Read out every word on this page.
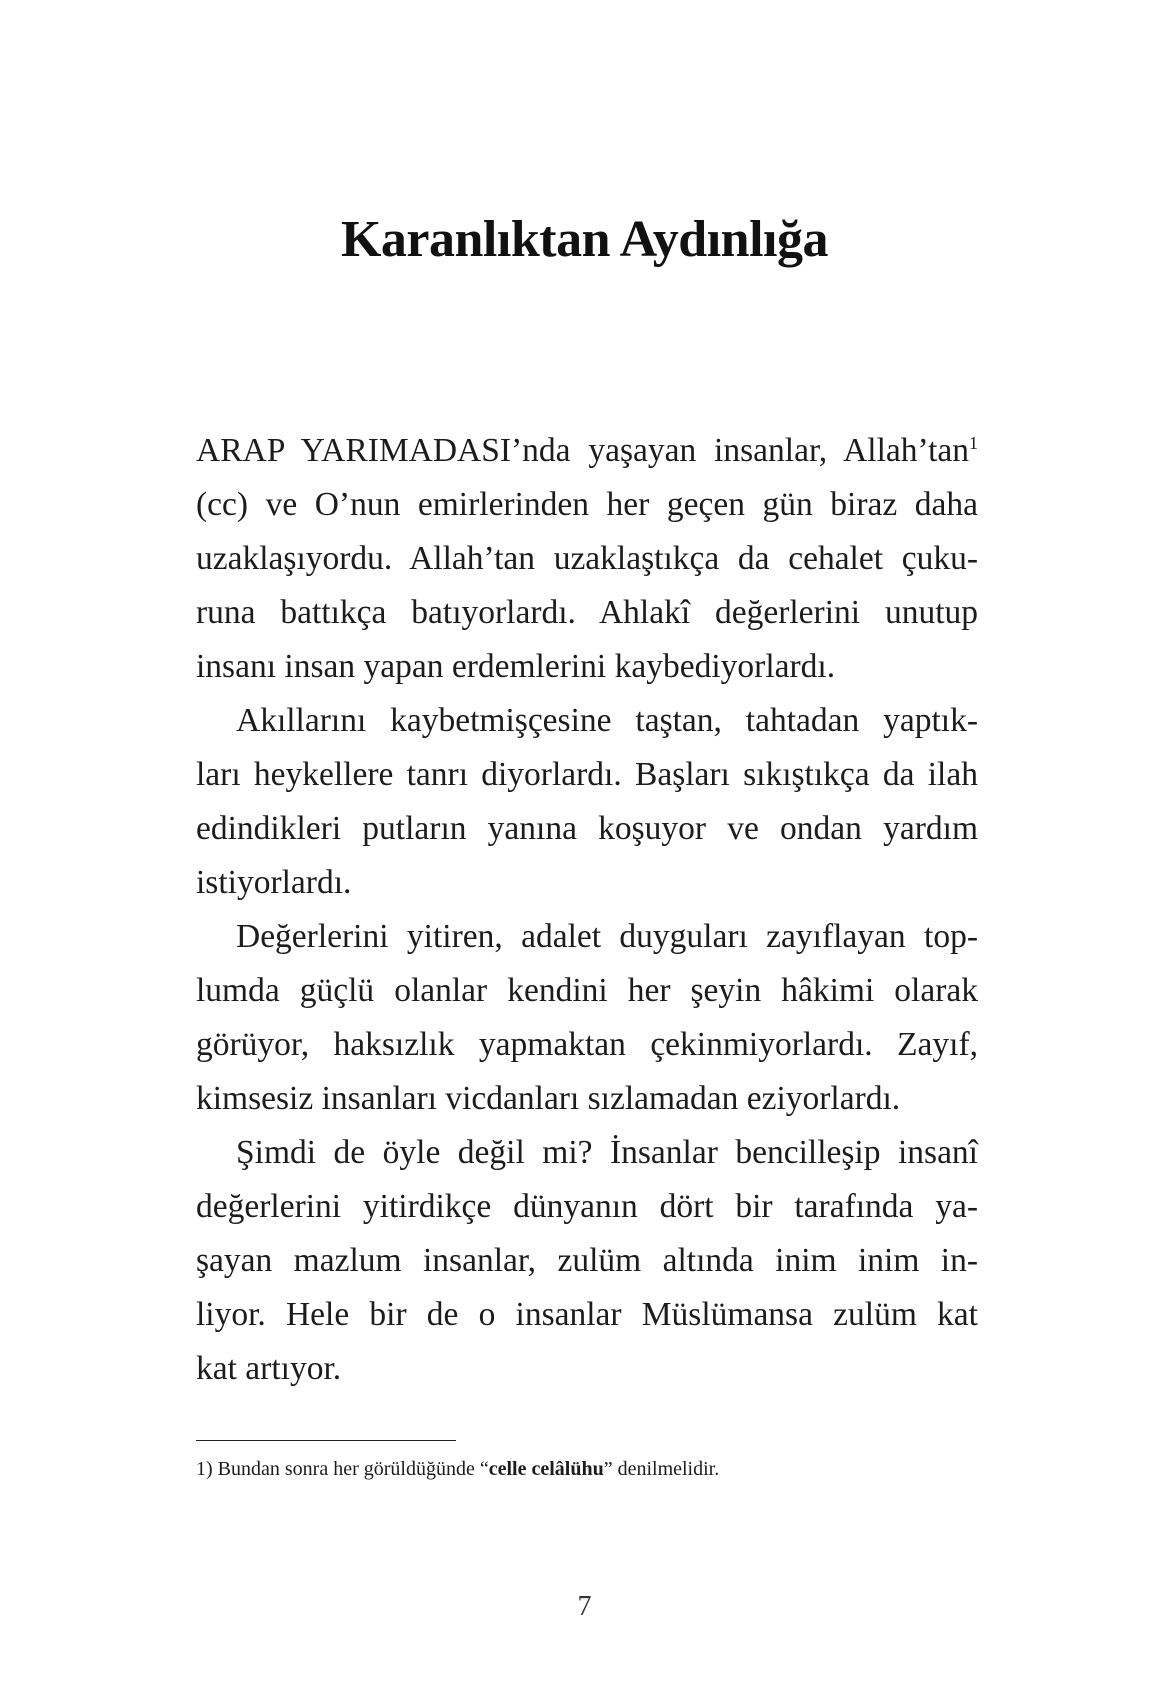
Karanlıktan Aydınlığa
ARAP YARIMADASI’nda yaşayan insanlar, $Allah’\tan^1$
(cc) ve O’nun emirlerinden her geçen gün biraz daha
uzaklaşıyordu. Allah’tan uzaklaştıkça da cehalet çuku-
runa battıkça batıyorlardı. Ahlakî değerlerini unutup
insanı insan yapan erdemlerini kaybediyorlardı.
Akıllarını kaybetmişçesine taştan, tahtadan yaptık-
ları heykellere tanrı diyorlardı. Başları sıkıştıkça da ilah
edindikleri putların yanına koşuyor ve ondan yardım
istiyorlardı.
Değerlerini yitiren, adalet duyguları zayıflayan top-
lumda güçlü olanlar kendini her şeyin hâkimi olarak
görüyor, haksızlık yapmaktan çekinmiyorlardı. Zayıf,
kimsesiz insanları vicdanları sızlamadan eziyorlardı.
Şimdi de öyle değil mi? İnsanlar bencilleşip insanî
değerlerini yitirdikçe dünyanın dört bir tarafında ya-
şayan mazlum insanlar, zulüm altında inim inim in-
liyor. Hele bir de o insanlar Müslümansa zulüm kat
kat artıyor.
1) Bundan sonra her görüldüğünde “celle celâlühu” denilmelidir.
7
